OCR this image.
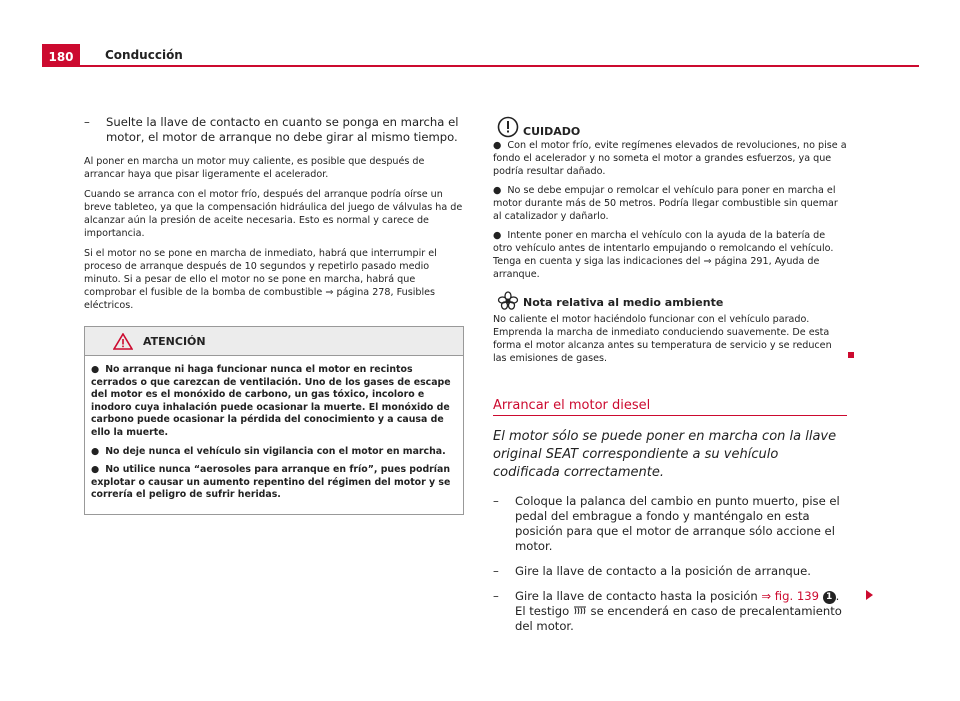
180	Conducción
– Suelte la llave de contacto en cuanto se ponga en marcha el motor, el motor de arranque no debe girar al mismo tiempo.

Al poner en marcha un motor muy caliente, es posible que después de arrancar haya que pisar ligeramente el acelerador.

Cuando se arranca con el motor frío, después del arranque podría oírse un breve tableteo, ya que la compensación hidráulica del juego de válvulas ha de alcanzar aún la presión de aceite necesaria. Esto es normal y carece de importancia.

Si el motor no se pone en marcha de inmediato, habrá que interrumpir el proceso de arranque después de 10 segundos y repetirlo pasado medio minuto. Si a pesar de ello el motor no se pone en marcha, habrá que comprobar el fusible de la bomba de combustible ⇒ página 278, Fusibles eléctricos.

ATENCIÓN
● No arranque ni haga funcionar nunca el motor en recintos cerrados o que carezcan de ventilación. Uno de los gases de escape del motor es el monóxido de carbono, un gas tóxico, incoloro e inodoro cuya inhalación puede ocasionar la muerte. El monóxido de carbono puede ocasionar la pérdida del conocimiento y a causa de ello la muerte.
● No deje nunca el vehículo sin vigilancia con el motor en marcha.
● No utilice nunca “aerosoles para arranque en frío”, pues podrían explotar o causar un aumento repentino del régimen del motor y se correría el peligro de sufrir heridas.
CUIDADO
● Con el motor frío, evite regímenes elevados de revoluciones, no pise a fondo el acelerador y no someta el motor a grandes esfuerzos, ya que podría resultar dañado.
● No se debe empujar o remolcar el vehículo para poner en marcha el motor durante más de 50 metros. Podría llegar combustible sin quemar al catalizador y dañarlo.
● Intente poner en marcha el vehículo con la ayuda de la batería de otro vehículo antes de intentarlo empujando o remolcando el vehículo. Tenga en cuenta y siga las indicaciones del ⇒ página 291, Ayuda de arranque.
Nota relativa al medio ambiente

No caliente el motor haciéndolo funcionar con el vehículo parado. Emprenda la marcha de inmediato conduciendo suavemente. De esta forma el motor alcanza antes su temperatura de servicio y se reducen las emisiones de gases.

Arrancar el motor diesel
El motor sólo se puede poner en marcha con la llave original SEAT correspondiente a su vehículo codificada correctamente.
– Coloque la palanca del cambio en punto muerto, pise el pedal del embrague a fondo y manténgalo en esta posición para que el motor de arranque sólo accione el motor.
– Gire la llave de contacto a la posición de arranque.
– Gire la llave de contacto hasta la posición ⇒ fig. 139 1 . El testigo se encenderá en caso de precalentamiento del motor.
